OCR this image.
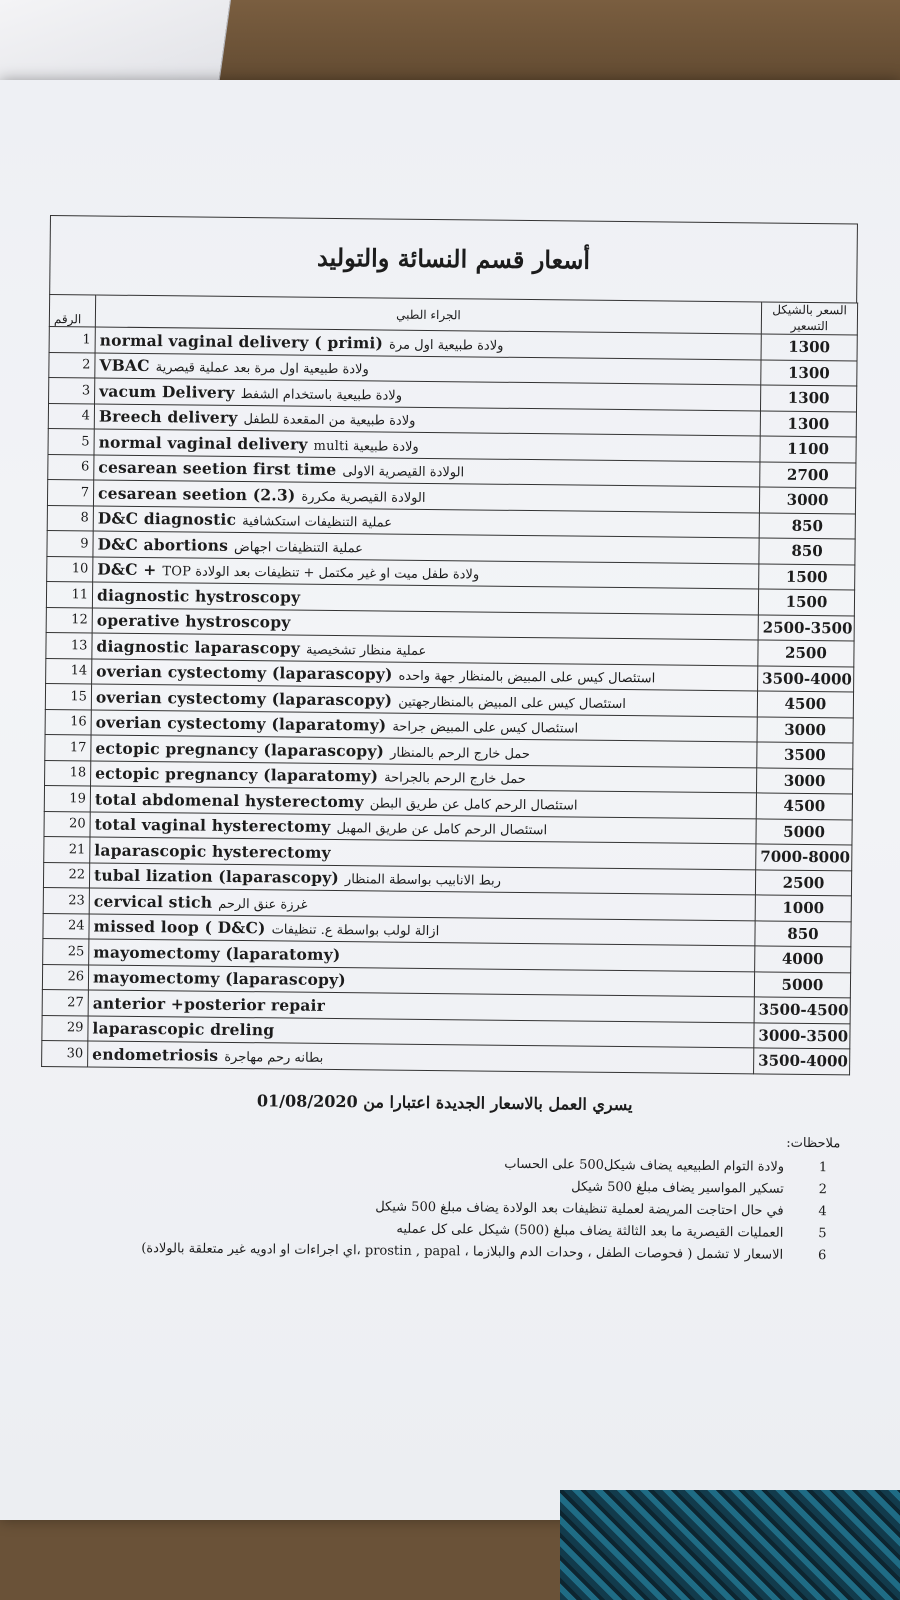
أسعار قسم النسائة والتوليد
الرقم	الجراء الطبي	السعر بالشيكل
التسعير

1	normal vaginal delivery ( primi) ولادة طبيعية اول مرة	1300
2	VBAC ولادة طبيعية اول مرة بعد عملية قيصرية	1300
3	vacum Delivery ولادة طبيعية باستخدام الشفط	1300
4	Breech delivery ولادة طبيعية من المقعدة للطفل	1300
5	normal vaginal delivery ولادة طبيعية multi	1100
6	cesarean seetion first time الولادة القيصرية الاولى	2700
7	cesarean seetion (2.3) الولادة القيصرية مكررة	3000
8	D&C diagnostic عملية التنظيفات استكشافية	850
9	D&C abortions عملية التنظيفات اجهاض	850
10	D&C + ولادة طفل ميت او غير مكتمل + تنظيفات بعد الولادة TOP	1500
11	diagnostic hystroscopy	1500
12	operative hystroscopy	2500-3500
13	diagnostic laparascopy عملية منظار تشخيصية	2500
14	overian cystectomy (laparascopy) استئصال كيس على المبيض بالمنظار جهة واحده	3500-4000
15	overian cystectomy (laparascopy) استئصال كيس على المبيض بالمنظارجهتين	4500
16	overian cystectomy (laparatomy) استئصال كيس على المبيض جراحة	3000
17	ectopic pregnancy (laparascopy) حمل خارج الرحم بالمنظار	3500
18	ectopic pregnancy (laparatomy) حمل خارج الرحم بالجراحة	3000
19	total abdomenal hysterectomy استئصال الرحم كامل عن طريق البطن	4500
20	total vaginal hysterectomy استئصال الرحم كامل عن طريق المهبل	5000
21	laparascopic hysterectomy	7000-8000
22	tubal lization (laparascopy) ربط الانابيب بواسطة المنظار	2500
23	cervical stich غرزة عنق الرحم	1000
24	missed loop ( D&C) ازالة لولب بواسطة ع. تنظيفات	850
25	mayomectomy (laparatomy)	4000
26	mayomectomy (laparascopy)	5000
27	anterior +posterior repair	3500-4500
29	laparascopic dreling	3000-3500
30	endometriosis بطانه رحم مهاجرة	3500-4000
يسري العمل بالاسعار الجديدة اعتبارا من 01/08/2020
ملاحظات:
1
ولادة التوام الطبيعيه يضاف شيكل500 على الحساب
2
تسكير المواسير يضاف مبلغ 500 شيكل
4
في حال احتاجت المريضة لعملية تنظيفات بعد الولادة يضاف مبلغ 500 شيكل
5
العمليات القيصرية ما بعد الثالثة يضاف مبلغ (500) شيكل على كل عمليه
6
الاسعار لا تشمل ( فحوصات الطفل ، وحدات الدم والبلازما ، prostin , papal ،اي اجراءات او ادويه غير متعلقة بالولادة)
